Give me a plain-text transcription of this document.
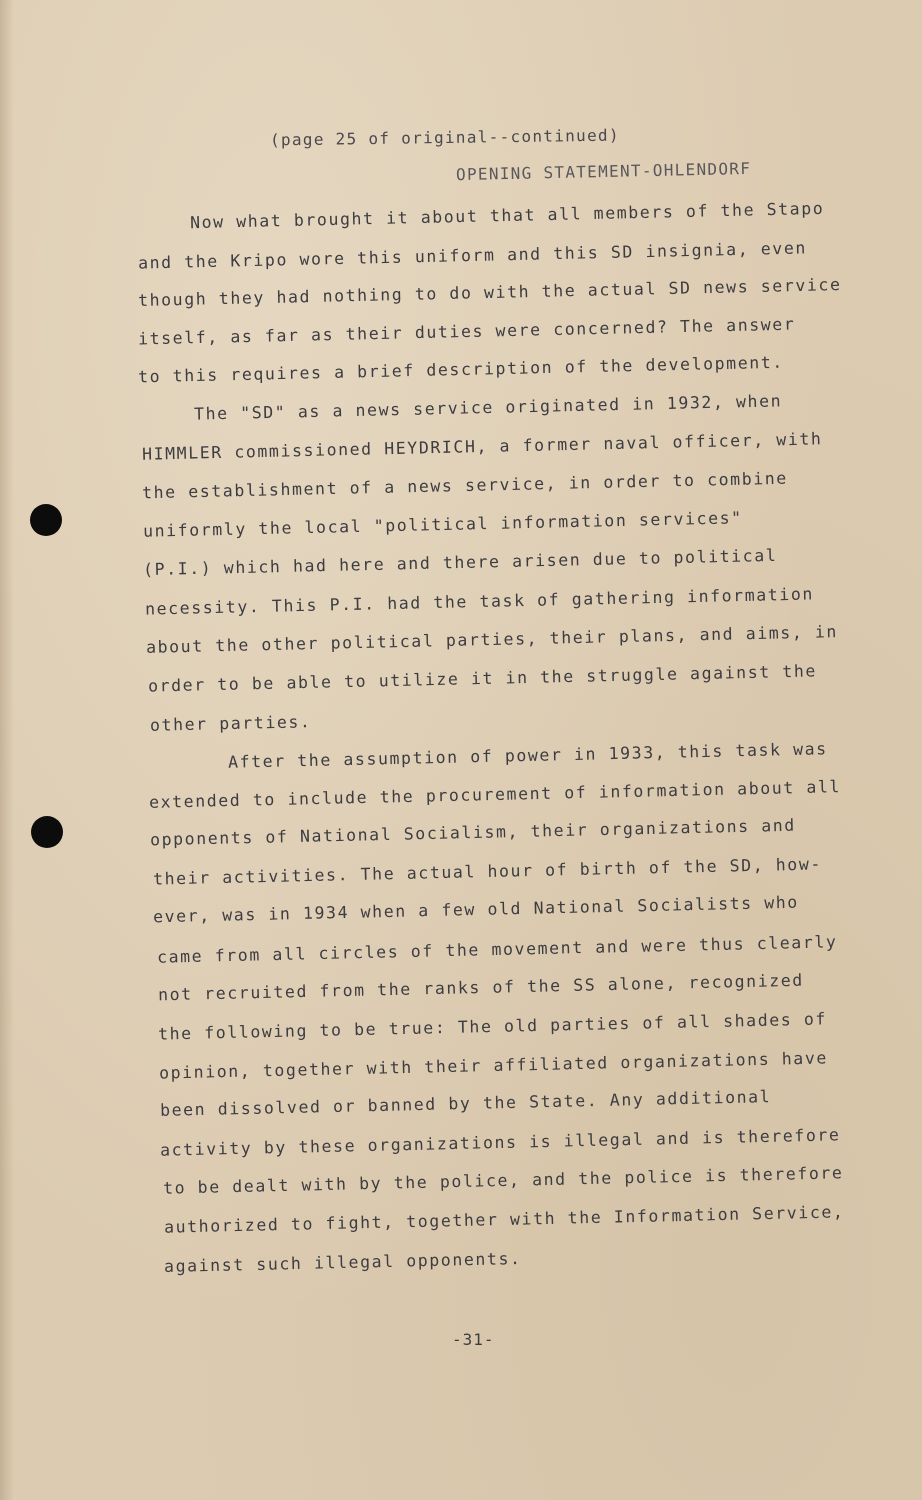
(page 25 of original--continued)
OPENING STATEMENT-OHLENDORF
Now what brought it about that all members of the Stapo
and the Kripo wore this uniform and this SD insignia, even
though they had nothing to do with the actual SD news service
itself, as far as their duties were concerned? The answer
to this requires a brief description of the development.
The "SD" as a news service originated in 1932, when
HIMMLER commissioned HEYDRICH, a former naval officer, with
the establishment of a news service, in order to combine
uniformly the local "political information services"
(P.I.) which had here and there arisen due to political
necessity. This P.I. had the task of gathering information
about the other political parties, their plans, and aims, in
order to be able to utilize it in the struggle against the
other parties.
After the assumption of power in 1933, this task was
extended to include the procurement of information about all
opponents of National Socialism, their organizations and
their activities. The actual hour of birth of the SD, how-
ever, was in 1934 when a few old National Socialists who
came from all circles of the movement and were thus clearly
not recruited from the ranks of the SS alone, recognized
the following to be true: The old parties of all shades of
opinion, together with their affiliated organizations have
been dissolved or banned by the State. Any additional
activity by these organizations is illegal and is therefore
to be dealt with by the police, and the police is therefore
authorized to fight, together with the Information Service,
against such illegal opponents.
-31-
